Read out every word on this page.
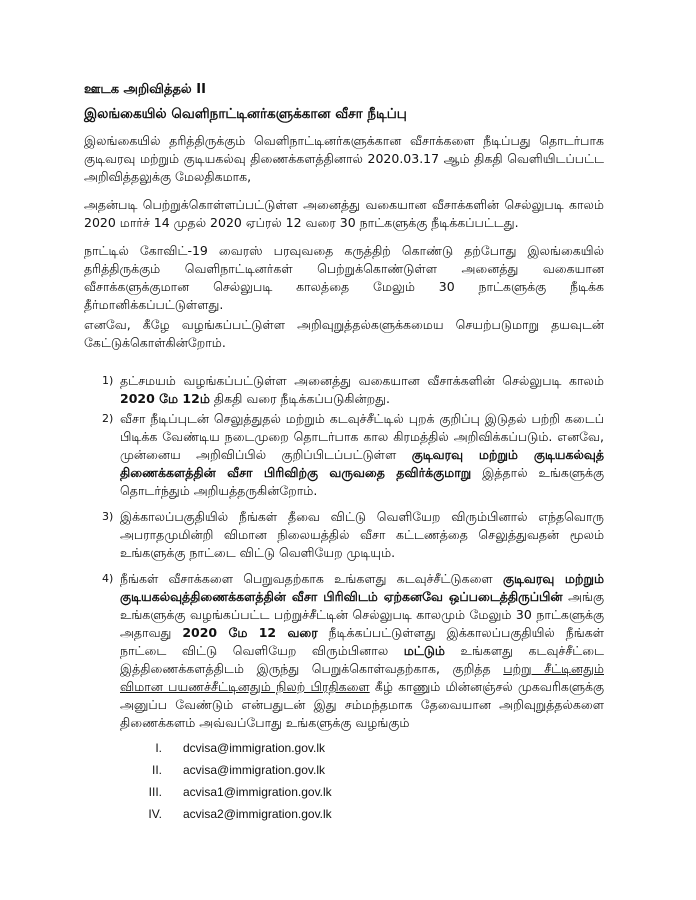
ஊடக அறிவித்தல் II
இலங்கையில் வெளிநாட்டினர்களுக்கான வீசா நீடிப்பு
இலங்கையில் தரித்திருக்கும் வெளிநாட்டினர்களுக்கான வீசாக்களை நீடிப்பது தொடர்பாக குடிவரவு மற்றும் குடியகல்வு திணைக்களத்தினால் 2020.03.17 ஆம் திகதி வெளியிடப்பட்ட அறிவித்தலுக்கு மேலதிகமாக,
அதன்படி பெற்றுக்கொள்ளப்பட்டுள்ள அனைத்து வகையான வீசாக்களின் செல்லுபடி காலம் 2020 மார்ச் 14 முதல் 2020 ஏப்ரல் 12 வரை 30 நாட்களுக்கு நீடிக்கப்பட்டது.
நாட்டில் கோவிட்-19 வைரஸ் பரவுவதை கருத்திற் கொண்டு தற்போது இலங்கையில் தரித்திருக்கும் வெளிநாட்டினர்கள் பெற்றுக்கொண்டுள்ள அனைத்து வகையான வீசாக்களுக்குமான செல்லுபடி காலத்தை மேலும் 30 நாட்களுக்கு நீடிக்க தீர்மானிக்கப்பட்டுள்ளது.
எனவே, கீழே வழங்கப்பட்டுள்ள அறிவுறுத்தல்களுக்கமைய செயற்படுமாறு தயவுடன் கேட்டுக்கொள்கின்றோம்.
1) தட்சமயம் வழங்கப்பட்டுள்ள அனைத்து வகையான வீசாக்களின் செல்லுபடி காலம் 2020 மே 12ம் திகதி வரை நீடிக்கப்படுகின்றது.
2) வீசா நீடிப்புடன் செலுத்துதல் மற்றும் கடவுச்சீட்டில் புறக் குறிப்பு இடுதல் பற்றி கடைப் பிடிக்க வேண்டிய நடைமுறை தொடர்பாக கால கிரமத்தில் அறிவிக்கப்படும். எனவே, முன்னைய அறிவிப்பில் குறிப்பிடப்பட்டுள்ள குடிவரவு மற்றும் குடியகல்வுத் திணைக்களத்தின் வீசா பிரிவிற்கு வருவதை தவிர்க்குமாறு இத்தால் உங்களுக்கு தொடர்ந்தும் அறியத்தருகின்றோம்.
3) இக்காலப்பகுதியில் நீங்கள் தீவை விட்டு வெளியேற விரும்பினால் எந்தவொரு அபராதமுமின்றி விமான நிலையத்தில் வீசா கட்டணத்தை செலுத்துவதன் மூலம் உங்களுக்கு நாட்டை விட்டு வெளியேற முடியும்.
4) நீங்கள் வீசாக்களை பெறுவதற்காக உங்களது கடவுச்சீட்டுகளை குடிவரவு மற்றும் குடியகல்வுத்திணைக்களத்தின் வீசா பிரிவிடம் ஏற்கனவே ஒப்படைத்திருப்பின் அங்கு உங்களுக்கு வழங்கப்பட்ட பற்றுச்சீட்டின் செல்லுபடி காலமும் மேலும் 30 நாட்களுக்கு அதாவது 2020 மே 12 வரை நீடிக்கப்பட்டுள்ளது இக்காலப்பகுதியில் நீங்கள் நாட்டை விட்டு வெளியேற விரும்பினால மட்டும் உங்களது கடவுச்சீட்டை இத்திணைக்களத்திடம் இருந்து பெறுக்கொள்வதற்காக, குறித்த பற்று சீட்டினதும் விமான பயணச்சீட்டினதும் நிலற் பிரதிகளை கீழ் காணும் மின்னஞ்சல் முகவரிகளுக்கு அனுப்ப வேண்டும் என்பதுடன் இது சம்மந்தமாக தேவையான அறிவுறுத்தல்களை திணைக்களம் அவ்வப்போது உங்களுக்கு வழங்கும்
I. dcvisa@immigration.gov.lk
II. acvisa@immigration.gov.lk
III. acvisa1@immigration.gov.lk
IV. acvisa2@immigration.gov.lk
